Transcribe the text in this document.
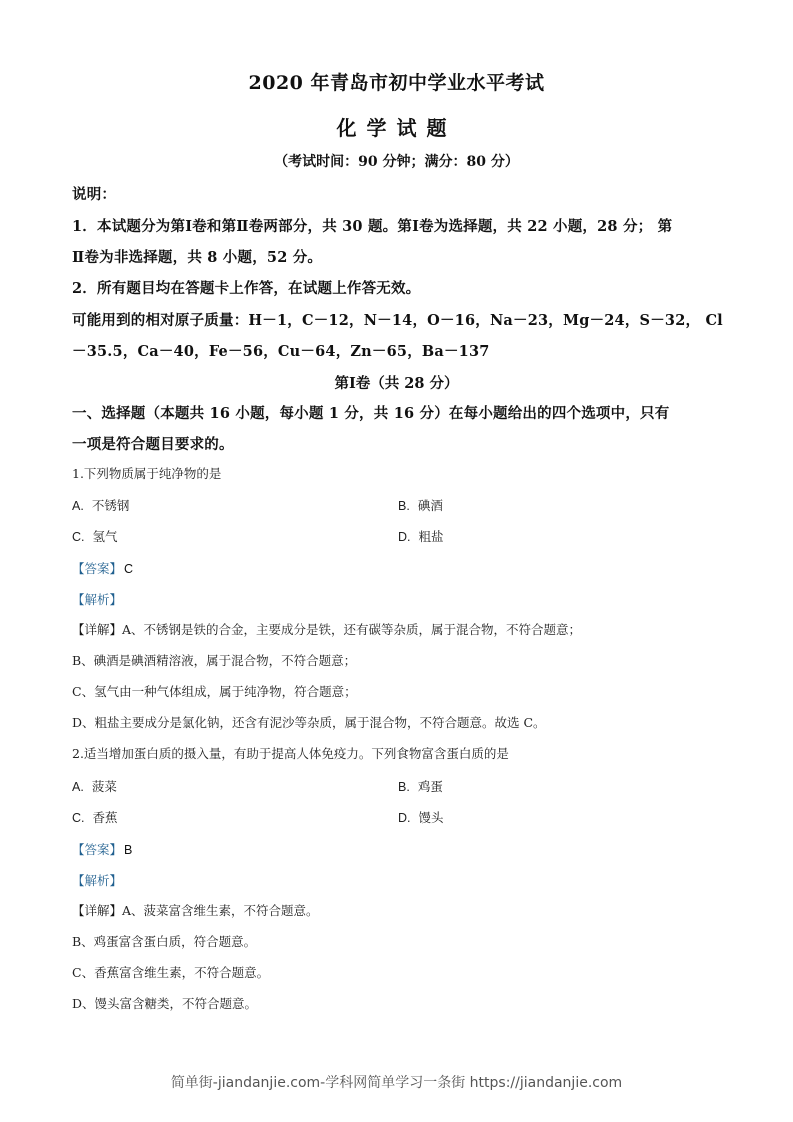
2020 年青岛市初中学业水平考试
化学试题
（考试时间：90 分钟；满分：80 分）
说明：
1．本试题分为第Ⅰ卷和第Ⅱ卷两部分，共 30 题。第Ⅰ卷为选择题，共 22 小题，28 分； 第
Ⅱ卷为非选择题，共 8 小题，52 分。
2．所有题目均在答题卡上作答，在试题上作答无效。
可能用到的相对原子质量：H－1，C－12，N－14，O－16，Na－23，Mg－24，S－32， Cl
－35.5，Ca－40，Fe－56，Cu－64，Zn－65，Ba－137
第Ⅰ卷（共 28 分）
一、选择题（本题共 16 小题，每小题 1 分，共 16 分）在每小题给出的四个选项中，只有
一项是符合题目要求的。
1.下列物质属于纯净物的是
A. 不锈钢	B. 碘酒
C. 氢气	D. 粗盐
【答案】 C
【解析】
【详解】A、不锈钢是铁的合金，主要成分是铁，还有碳等杂质，属于混合物，不符合题意；
B、碘酒是碘酒精溶液，属于混合物，不符合题意；
C、氢气由一种气体组成，属于纯净物，符合题意；
D、粗盐主要成分是氯化钠，还含有泥沙等杂质，属于混合物，不符合题意。故选 C。
2.适当增加蛋白质的摄入量，有助于提高人体免疫力。下列食物富含蛋白质的是
A. 菠菜	B. 鸡蛋
C. 香蕉	D. 馒头
【答案】 B
【解析】
【详解】A、菠菜富含维生素，不符合题意。
B、鸡蛋富含蛋白质，符合题意。
C、香蕉富含维生素，不符合题意。
D、馒头富含糖类，不符合题意。
简单街-jiandanjie.com-学科网简单学习一条街 https://jiandanjie.com
